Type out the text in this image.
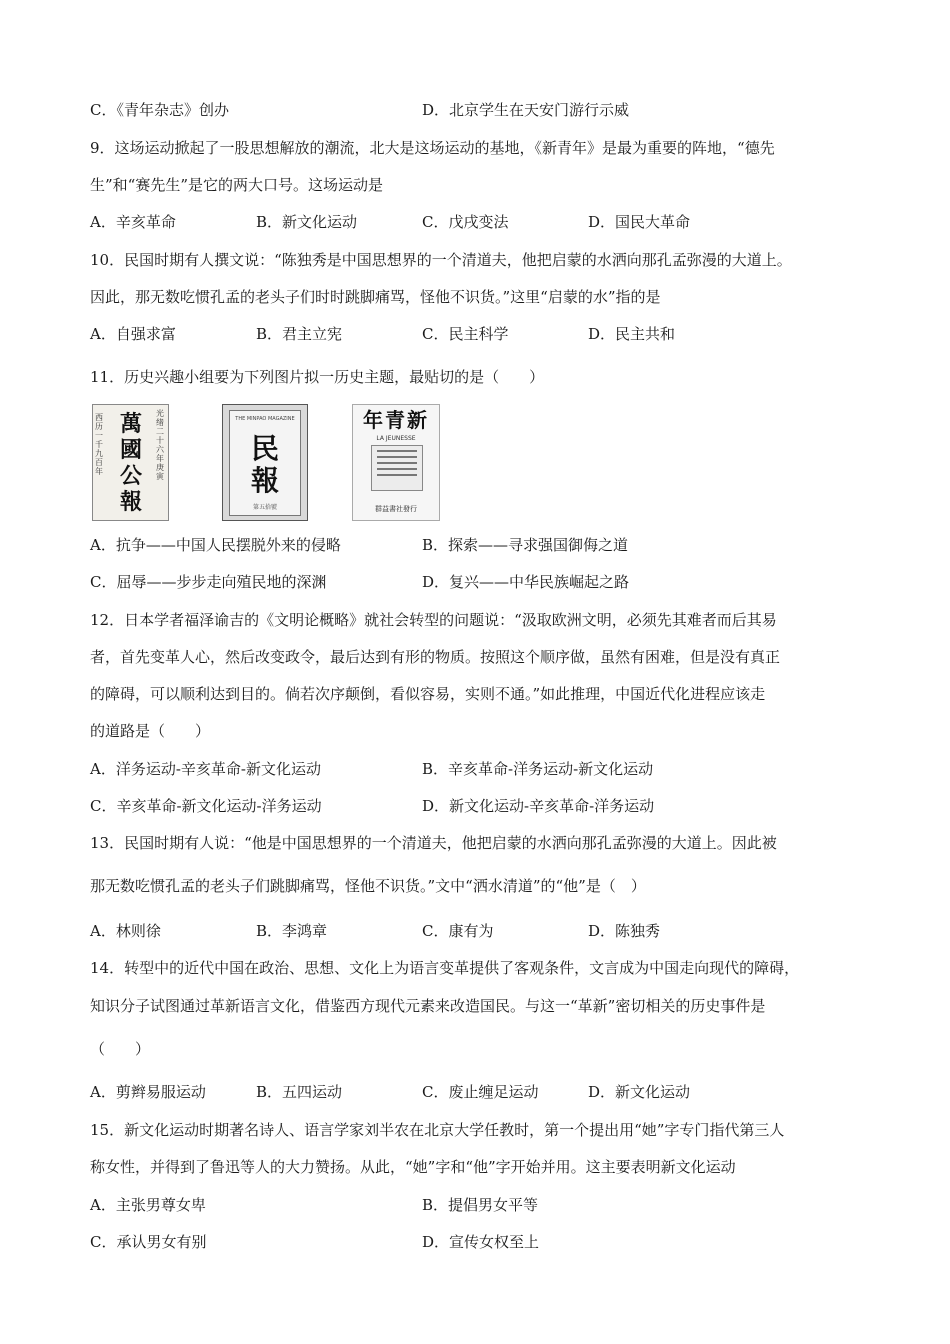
C．《青年杂志》创办	D．北京学生在天安门游行示威
9．这场运动掀起了一股思想解放的潮流，北大是这场运动的基地，《新青年》是最为重要的阵地，“德先
生”和“赛先生”是它的两大口号。这场运动是
A．辛亥革命	B．新文化运动	C．戊戌变法	D．国民大革命
10．民国时期有人撰文说：“陈独秀是中国思想界的一个清道夫，他把启蒙的水洒向那孔孟弥漫的大道上。
因此，那无数吃惯孔孟的老头子们时时跳脚痛骂，怪他不识货。”这里“启蒙的水”指的是
A．自强求富	B．君主立宪	C．民主科学	D．民主共和
11．历史兴趣小组要为下列图片拟一历史主题，最贴切的是（　　）
西历一千九百年
光绪二十六年庚寅
萬
國
公
報
THE MINPAO MAGAZINE
民
報
第五拾號
年青新
LA JEUNESSE
群益書社發行
A．抗争——中国人民摆脱外来的侵略	B．探索——寻求强国御侮之道
C．屈辱——步步走向殖民地的深渊	D．复兴——中华民族崛起之路
12．日本学者福泽谕吉的《文明论概略》就社会转型的问题说：“汲取欧洲文明，必须先其难者而后其易
者，首先变革人心，然后改变政令，最后达到有形的物质。按照这个顺序做，虽然有困难，但是没有真正
的障碍，可以顺利达到目的。倘若次序颠倒，看似容易，实则不通。”如此推理，中国近代化进程应该走
的道路是（　　）
A．洋务运动-辛亥革命-新文化运动	B．辛亥革命-洋务运动-新文化运动
C．辛亥革命-新文化运动-洋务运动	D．新文化运动-辛亥革命-洋务运动
13．民国时期有人说：“他是中国思想界的一个清道夫，他把启蒙的水洒向那孔孟弥漫的大道上。因此被
那无数吃惯孔孟的老头子们跳脚痛骂，怪他不识货。”文中“洒水清道”的“他”是（　）
A．林则徐	B．李鸿章	C．康有为	D．陈独秀
14．转型中的近代中国在政治、思想、文化上为语言变革提供了客观条件，文言成为中国走向现代的障碍，
知识分子试图通过革新语言文化，借鉴西方现代元素来改造国民。与这一“革新”密切相关的历史事件是
（　　）
A．剪辫易服运动	B．五四运动	C．废止缠足运动	D．新文化运动
15．新文化运动时期著名诗人、语言学家刘半农在北京大学任教时，第一个提出用“她”字专门指代第三人
称女性，并得到了鲁迅等人的大力赞扬。从此，“她”字和“他”字开始并用。这主要表明新文化运动
A．主张男尊女卑	B．提倡男女平等
C．承认男女有别	D．宣传女权至上
